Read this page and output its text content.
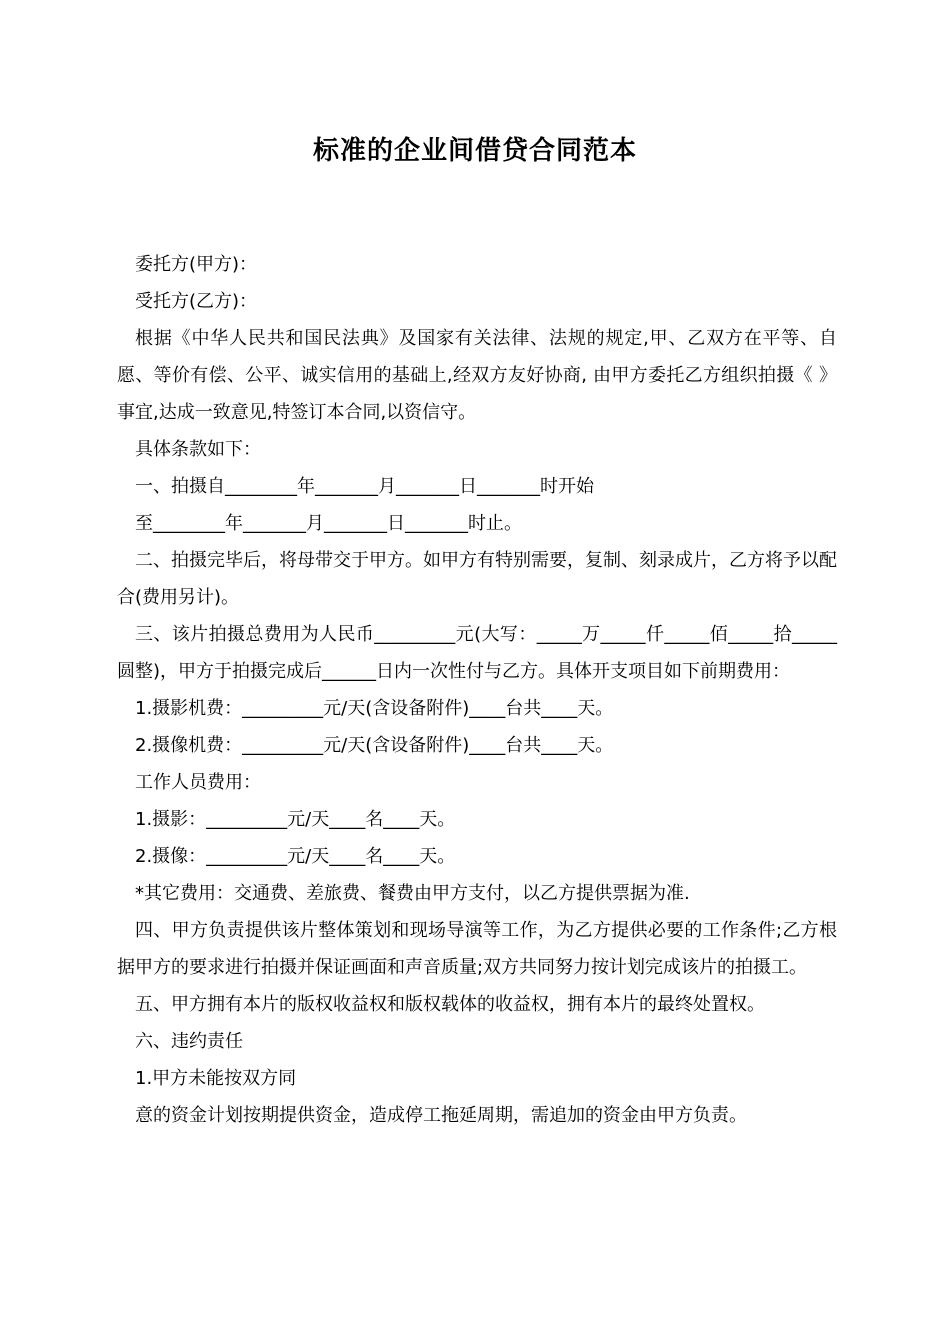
标准的企业间借贷合同范本

委托方(甲方)：

受托方(乙方)：

根据《中华人民共和国民法典》及国家有关法律、法规的规定,甲、乙双方在平等、自愿、等价有偿、公平、诚实信用的基础上,经双方友好协商, 由甲方委托乙方组织拍摄《 》事宜,达成一致意见,特签订本合同,以资信守。

具体条款如下：

一、拍摄自________年_______月_______日_______时开始

至________年_______月_______日_______时止。

二、拍摄完毕后，将母带交于甲方。如甲方有特别需要，复制、刻录成片，乙方将予以配合(费用另计)。

三、该片拍摄总费用为人民币_________元(大写：_____万_____仟_____佰_____拾_____圆整)，甲方于拍摄完成后______日内一次性付与乙方。具体开支项目如下前期费用：

1.摄影机费：_________元/天(含设备附件)____台共____天。

2.摄像机费：_________元/天(含设备附件)____台共____天。

工作人员费用：

1.摄影：_________元/天____名____天。

2.摄像：_________元/天____名____天。

*其它费用：交通费、差旅费、餐费由甲方支付，以乙方提供票据为准.

四、甲方负责提供该片整体策划和现场导演等工作，为乙方提供必要的工作条件;乙方根据甲方的要求进行拍摄并保证画面和声音质量;双方共同努力按计划完成该片的拍摄工。

五、甲方拥有本片的版权收益权和版权载体的收益权，拥有本片的最终处置权。

六、违约责任

1.甲方未能按双方同

意的资金计划按期提供资金，造成停工拖延周期，需追加的资金由甲方负责。
